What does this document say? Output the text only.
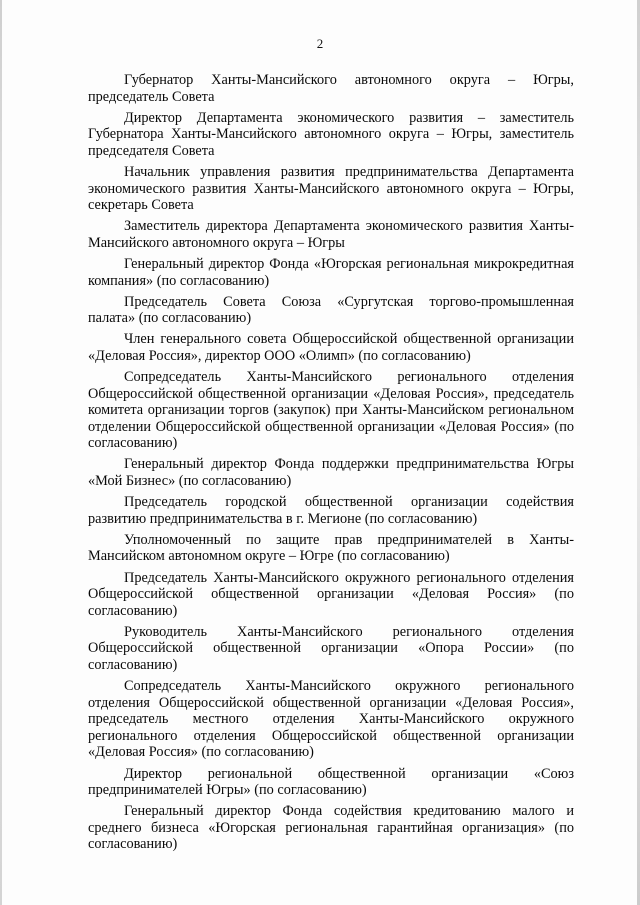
2

Губернатор Ханты-Мансийского автономного округа – Югры, председатель Совета

Директор Департамента экономического развития – заместитель Губернатора Ханты-Мансийского автономного округа – Югры, заместитель председателя Совета

Начальник управления развития предпринимательства Департамента экономического развития Ханты-Мансийского автономного округа – Югры, секретарь Совета

Заместитель директора Департамента экономического развития Ханты-Мансийского автономного округа – Югры

Генеральный директор Фонда «Югорская региональная микрокредитная компания» (по согласованию)

Председатель Совета Союза «Сургутская торгово-промышленная палата» (по согласованию)

Член генерального совета Общероссийской общественной организации «Деловая Россия», директор ООО «Олимп» (по согласованию)

Сопредседатель Ханты-Мансийского регионального отделения Общероссийской общественной организации «Деловая Россия», председатель комитета организации торгов (закупок) при Ханты-Мансийском региональном отделении Общероссийской общественной организации «Деловая Россия» (по согласованию)

Генеральный директор Фонда поддержки предпринимательства Югры «Мой Бизнес» (по согласованию)

Председатель городской общественной организации содействия развитию предпринимательства в г. Мегионе (по согласованию)

Уполномоченный по защите прав предпринимателей в Ханты-Мансийском автономном округе – Югре (по согласованию)

Председатель Ханты-Мансийского окружного регионального отделения Общероссийской общественной организации «Деловая Россия» (по согласованию)

Руководитель Ханты-Мансийского регионального отделения Общероссийской общественной организации «Опора России» (по согласованию)

Сопредседатель Ханты-Мансийского окружного регионального отделения Общероссийской общественной организации «Деловая Россия», председатель местного отделения Ханты-Мансийского окружного регионального отделения Общероссийской общественной организации «Деловая Россия» (по согласованию)

Директор региональной общественной организации «Союз предпринимателей Югры» (по согласованию)

Генеральный директор Фонда содействия кредитованию малого и среднего бизнеса «Югорская региональная гарантийная организация» (по согласованию)
